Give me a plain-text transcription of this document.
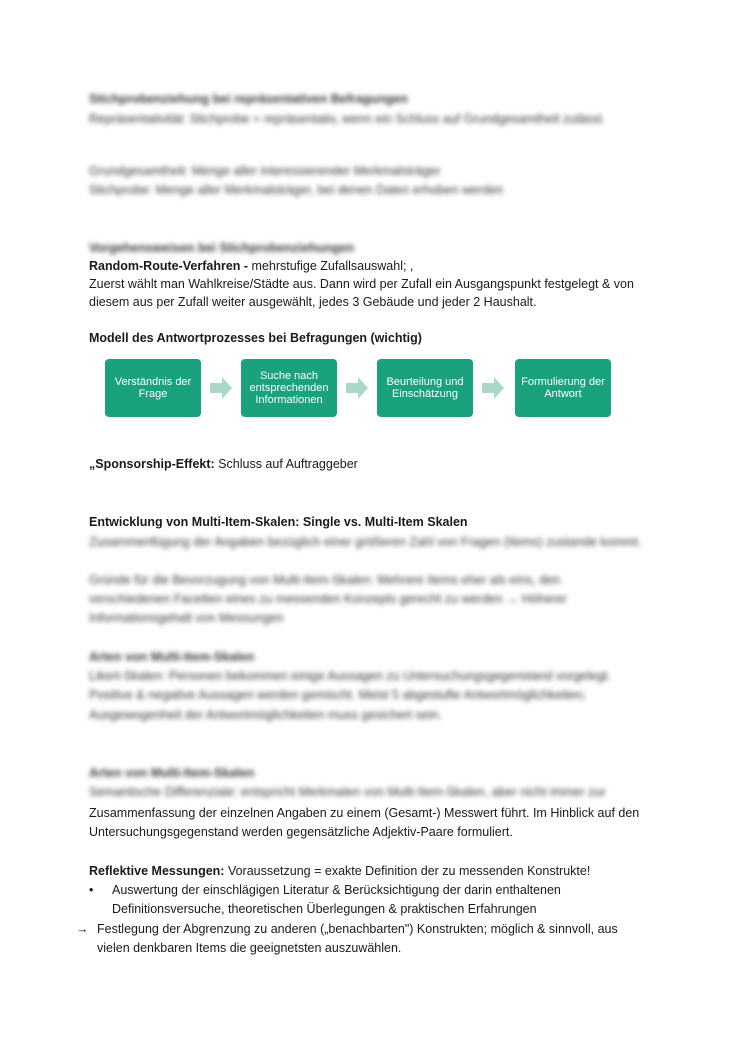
Stichprobenziehung bei repräsentativen Befragungen
Repräsentativität: Stichprobe = repräsentativ, wenn ein Schluss auf Grundgesamtheit zulässt.
Grundgesamtheit: Menge aller interessierender Merkmalsträger
Stichprobe: Menge aller Merkmalsträger, bei denen Daten erhoben werden
Vorgehensweisen bei Stichprobenziehungen
Random-Route-Verfahren - mehrstufige Zufallsauswahl; ,
Zuerst wählt man Wahlkreise/Städte aus. Dann wird per Zufall ein Ausgangspunkt festgelegt & von
diesem aus per Zufall weiter ausgewählt, jedes 3 Gebäude und jeder 2 Haushalt.
Modell des Antwortprozesses bei Befragungen (wichtig)
Verständnis der
Frage
Suche nach
entsprechenden
Informationen
Beurteilung und
Einschätzung
Formulierung der
Antwort
„Sponsorship-Effekt: Schluss auf Auftraggeber
Entwicklung von Multi-Item-Skalen: Single vs. Multi-Item Skalen
Zusammenfügung der Angaben bezüglich einer größeren Zahl von Fragen (Items) zustande kommt.
Gründe für die Bevorzugung von Multi-Item-Skalen: Mehrere Items eher als eins, den
verschiedenen Facetten eines zu messenden Konzepts gerecht zu werden → Höherer
Informationsgehalt von Messungen
Arten von Multi-Item-Skalen
Likert-Skalen: Personen bekommen einige Aussagen zu Untersuchungsgegenstand vorgelegt.
Positive & negative Aussagen werden gemischt. Meist 5 abgestufte Antwortmöglichkeiten;
Ausgewogenheit der Antwortmöglichkeiten muss gesichert sein.
Arten von Multi-Item-Skalen
Semantische Differenziale: entspricht Merkmalen von Multi-Item-Skalen, aber nicht immer zur
Zusammenfassung der einzelnen Angaben zu einem (Gesamt-) Messwert führt. Im Hinblick auf den
Untersuchungsgegenstand werden gegensätzliche Adjektiv-Paare formuliert.
Reflektive Messungen: Voraussetzung = exakte Definition der zu messenden Konstrukte!
• Auswertung der einschlägigen Literatur & Berücksichtigung der darin enthaltenen
Definitionsversuche, theoretischen Überlegungen & praktischen Erfahrungen
→ Festlegung der Abgrenzung zu anderen („benachbarten") Konstrukten; möglich & sinnvoll, aus
vielen denkbaren Items die geeignetsten auszuwählen.
